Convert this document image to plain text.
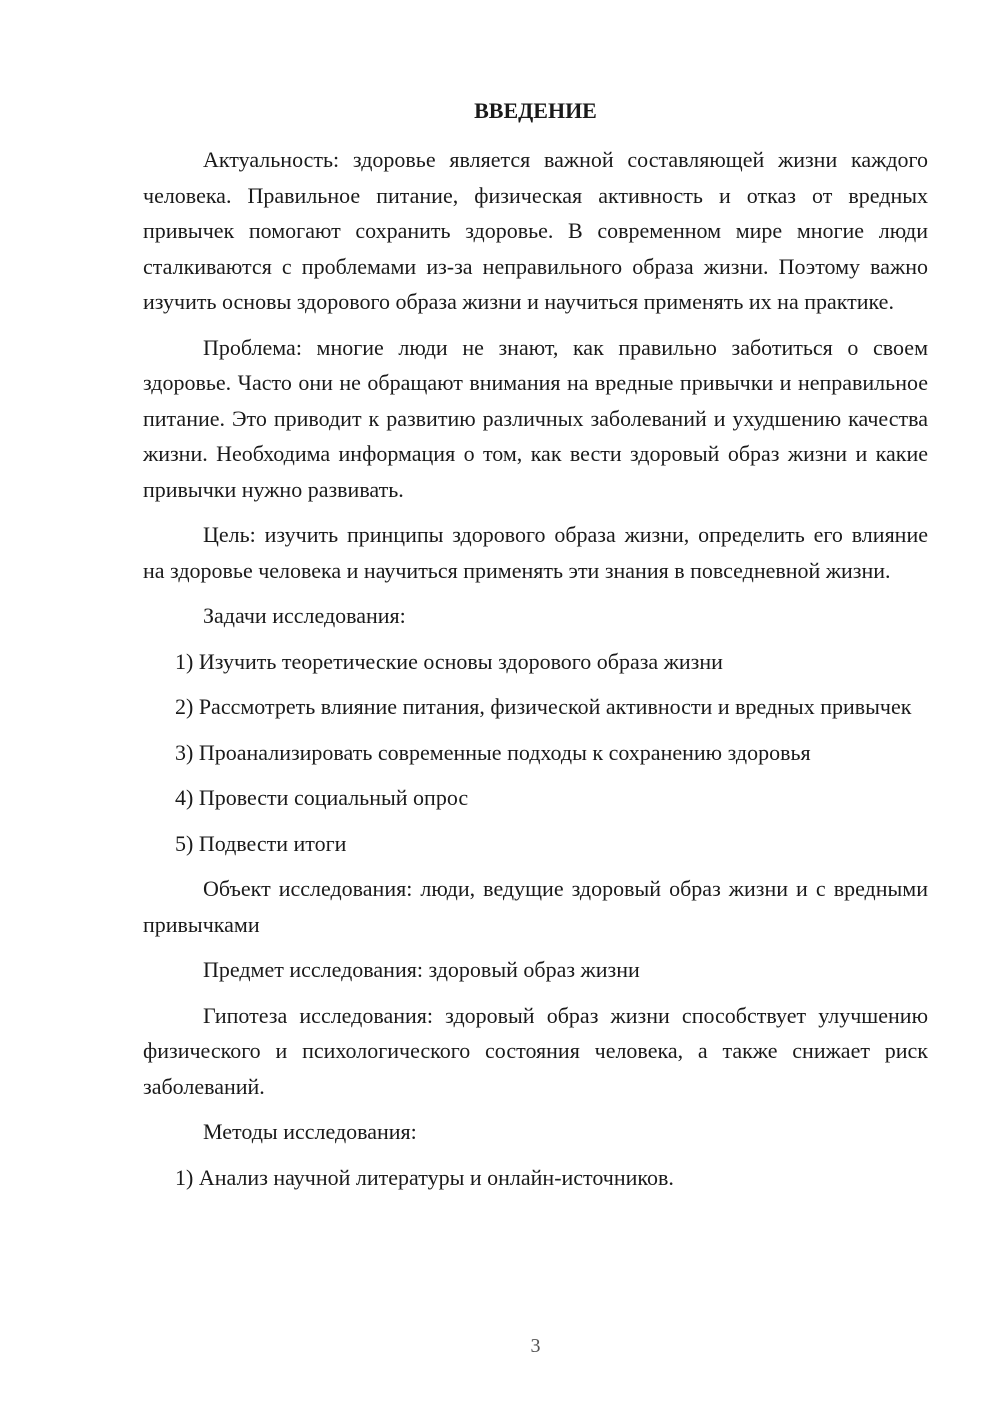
ВВЕДЕНИЕ

Актуальность: здоровье является важной составляющей жизни каждого человека. Правильное питание, физическая активность и отказ от вредных привычек помогают сохранить здоровье. В современном мире многие люди сталкиваются с проблемами из-за неправильного образа жизни. Поэтому важно изучить основы здорового образа жизни и научиться применять их на практике.

Проблема: многие люди не знают, как правильно заботиться о своем здоровье. Часто они не обращают внимания на вредные привычки и неправильное питание. Это приводит к развитию различных заболеваний и ухудшению качества жизни. Необходима информация о том, как вести здоровый образ жизни и какие привычки нужно развивать.

Цель: изучить принципы здорового образа жизни, определить его влияние на здоровье человека и научиться применять эти знания в повседневной жизни.

Задачи исследования:

1) Изучить теоретические основы здорового образа жизни

2) Рассмотреть влияние питания, физической активности и вредных привычек

3) Проанализировать современные подходы к сохранению здоровья

4) Провести социальный опрос

5) Подвести итоги

Объект исследования: люди, ведущие здоровый образ жизни и с вредными привычками

Предмет исследования: здоровый образ жизни

Гипотеза исследования: здоровый образ жизни способствует улучшению физического и психологического состояния человека, а также снижает риск заболеваний.

Методы исследования:

1) Анализ научной литературы и онлайн-источников.

3
